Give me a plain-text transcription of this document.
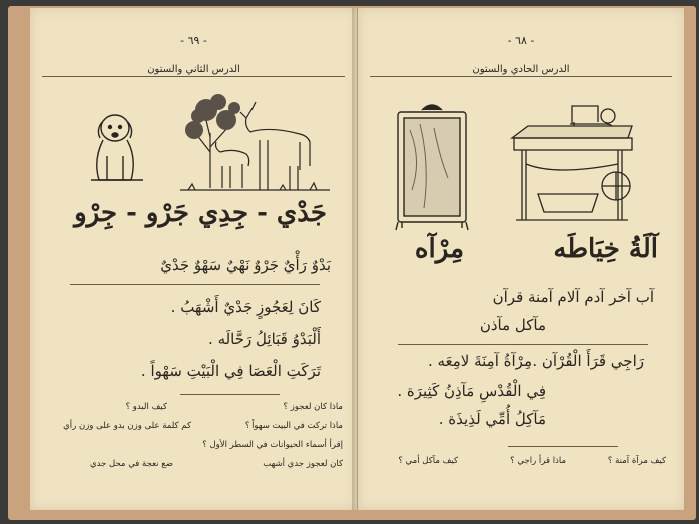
- ٦٩ -
الدرس الثاني والستون
جَدْي - جِدِي جَرْو - جِرْو
بَدْوٌ رَأْيٌ جَرْوٌ نَهْيٌ سَهْوٌ جَدْيٌ
كَانَ لِعَجُوزٍ جَدْيٌ أَشْهَبُ .
أَلْبَدْوُ قَبَائِلُ رَحَّالَه .
تَرَكَتِ الْعَصَا فِي الْبَيْتِ سَهْواً .
ماذا كان لعجوز ؟
كيف البدو ؟
ماذا تركت في البيت سهواً ؟
كم كلمة على وزن بدو على وزن رأي
إقرأ أسماء الحيوانات في السطر الأول ؟
كان لعجوز جدي أشهب
ضع نعجة في محل جدي
- ٦٨ -
الدرس الحادي والستون
آلَةُ خِيَاطَه
مِرْآه
آب آخر آدم آلام آمنة قرآن
مآكل مآذن
مِرْآةُ آمِنَةَ لامِعَه . رَاجِي قَرَأَ الْقُرْآن .
فِي الْقُدْسِ مَآذِنُ كَثِيرَة .
مَآكِلُ أُمِّي لَذِيذَة .
كيف مرآة آمنة ؟
ماذا قرأ راجي ؟
كيف مآكل أمي ؟
